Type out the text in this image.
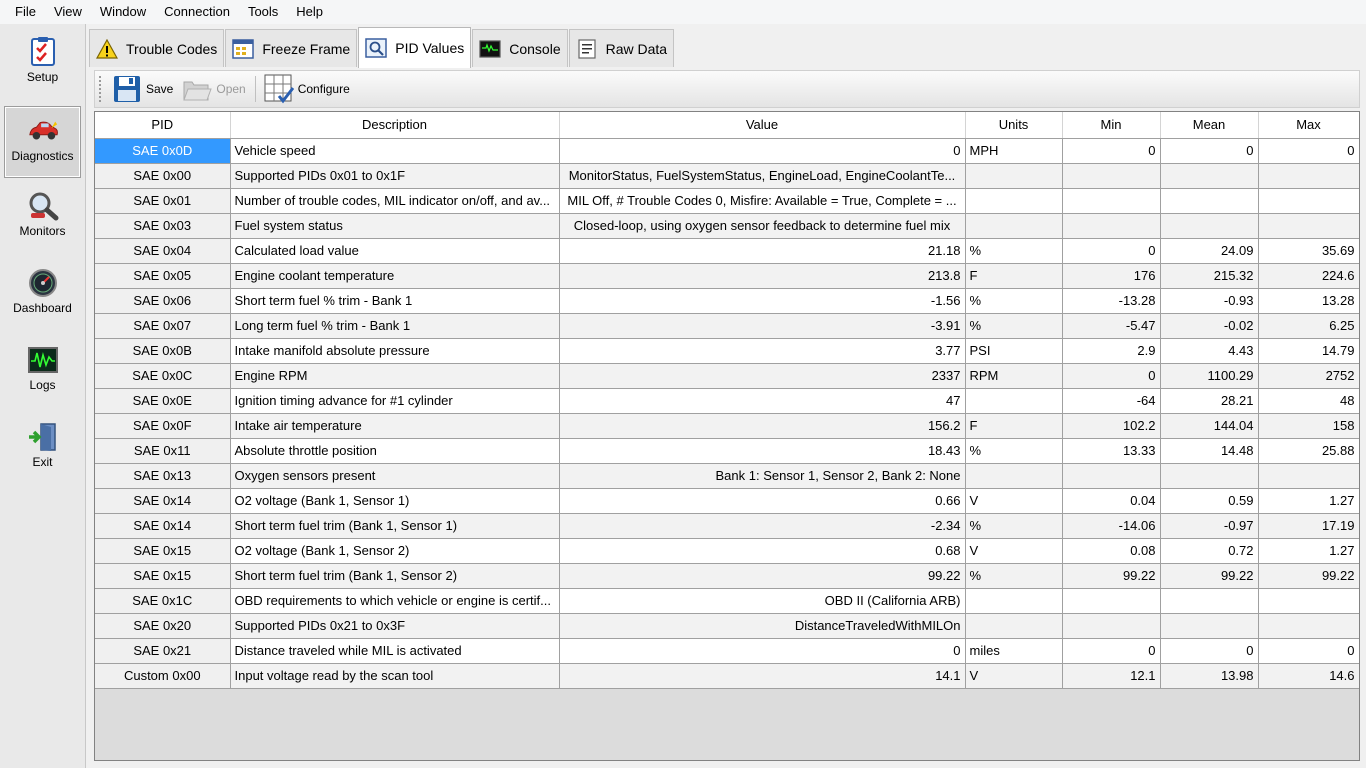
File	View	Window	Connection	Tools	Help
Setup
Diagnostics
Monitors
Dashboard
Logs
Exit
Trouble Codes	Freeze Frame	PID Values	Console	Raw Data
Save	Open	Configure
PID	Description	Value	Units	Min	Mean	Max
SAE 0x0D	Vehicle speed	0	MPH	0	0	0
SAE 0x00	Supported PIDs 0x01 to 0x1F	MonitorStatus, FuelSystemStatus, EngineLoad, EngineCoolantTe...				
SAE 0x01	Number of trouble codes, MIL indicator on/off, and av...	MIL Off, # Trouble Codes 0, Misfire: Available = True, Complete = ...				
SAE 0x03	Fuel system status	Closed-loop, using oxygen sensor feedback to determine fuel mix				
SAE 0x04	Calculated load value	21.18	%	0	24.09	35.69
SAE 0x05	Engine coolant temperature	213.8	F	176	215.32	224.6
SAE 0x06	Short term fuel % trim - Bank 1	-1.56	%	-13.28	-0.93	13.28
SAE 0x07	Long term fuel % trim - Bank 1	-3.91	%	-5.47	-0.02	6.25
SAE 0x0B	Intake manifold absolute pressure	3.77	PSI	2.9	4.43	14.79
SAE 0x0C	Engine RPM	2337	RPM	0	1100.29	2752
SAE 0x0E	Ignition timing advance for #1 cylinder	47		-64	28.21	48
SAE 0x0F	Intake air temperature	156.2	F	102.2	144.04	158
SAE 0x11	Absolute throttle position	18.43	%	13.33	14.48	25.88
SAE 0x13	Oxygen sensors present	Bank 1: Sensor 1, Sensor 2, Bank 2: None				
SAE 0x14	O2 voltage (Bank 1, Sensor 1)	0.66	V	0.04	0.59	1.27
SAE 0x14	Short term fuel trim (Bank 1, Sensor 1)	-2.34	%	-14.06	-0.97	17.19
SAE 0x15	O2 voltage (Bank 1, Sensor 2)	0.68	V	0.08	0.72	1.27
SAE 0x15	Short term fuel trim (Bank 1, Sensor 2)	99.22	%	99.22	99.22	99.22
SAE 0x1C	OBD requirements to which vehicle or engine is certif...	OBD II (California ARB)				
SAE 0x20	Supported PIDs 0x21 to 0x3F	DistanceTraveledWithMILOn				
SAE 0x21	Distance traveled while MIL is activated	0	miles	0	0	0
Custom 0x00	Input voltage read by the scan tool	14.1	V	12.1	13.98	14.6
